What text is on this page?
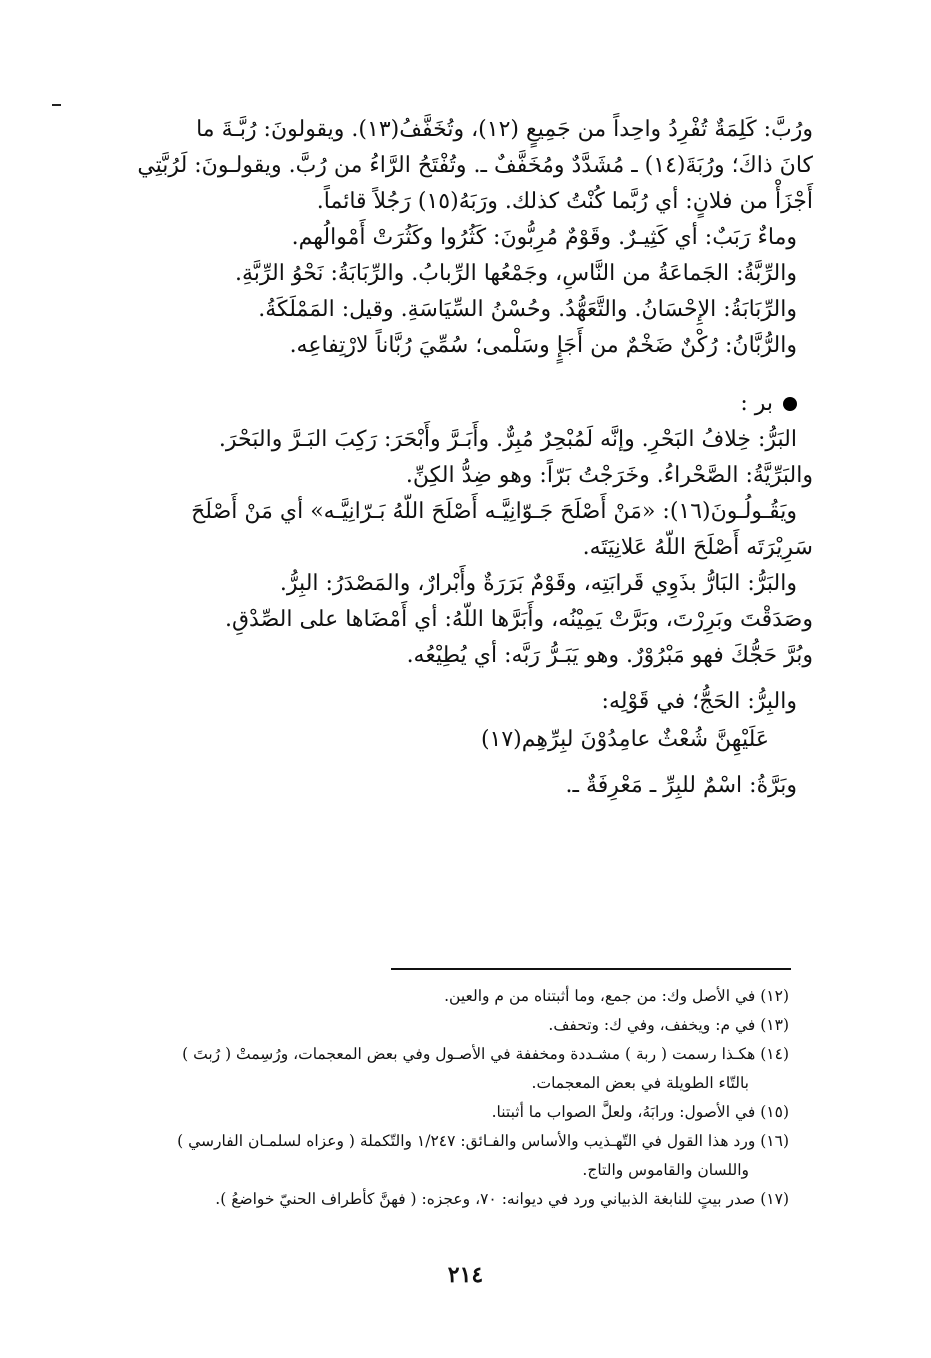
ورُبَّ: كَلِمَةٌ تُفْرِدُ واحِداً من جَمِيعٍ (١٢)، وتُخَفَّفُ(١٣). ويقولونَ: رُبَّـةَ ما

كانَ ذاكَ؛ ورُبَةَ(١٤) ـ مُشَدَّدٌ ومُخَفَّفٌ ـ. وتُفْتَحُ الرَّاءُ من رُبَّ. ويقولـونَ: لَرُبَّتِي

أَجْزَأْ من فلانٍ: أي رُبَّما كُنْتُ كذلك. ورَبَهُ(١٥) رَجُلاً قائماً.

وماءٌ رَبَبٌ: أي كَثِيـرٌ. وقَوْمٌ مُرِبُّونَ: كَثُرُوا وكَثُرَتْ أَمْوالُهم.

والرِّبَّةُ: الجَماعَةُ من النَّاسِ، وجَمْعُها الرِّبابُ. والرِّبَابَةُ: نَحْوُ الرِّبَّةِ.

والرِّبَابَةُ: الإِحْسَانُ. والتَّعَهُّدُ. وحُسْنُ السِّيَاسَةِ. وقيل: المَمْلَكَةُ.

والرُّبَّانُ: رُكْنٌ ضَخْمٌ من أَجَإٍ وسَلْمى؛ سُمِّيَ رُبَّاناً لارْتِفاعِه.

بر :

البَرُّ: خِلافُ البَحْرِ. وإنَّه لَمُبْحِرٌ مُبِرٌّ. وأَبَـرَّ وأَبْحَرَ: رَكِبَ البَـرَّ والبَحْرَ.

والبَرِّيَّةُ: الصَّحْراءُ. وخَرَجْتُ بَرّاً: وهو ضِدُّ الكِنِّ.

ويَقُـولُـونَ(١٦): «مَنْ أَصْلَحَ جَـوّانِيَّـه أَصْلَحَ اللّهُ بَـرّانِيَّـه» أي مَنْ أَصْلَحَ

سَرِيْرَتَه أَصْلَحَ اللّهُ عَلانِيَتَه.

والبَرُّ: البَارُّ بذَوِي قَرابَتِه، وقَوْمٌ بَرَرَةٌ وأَبْرارٌ، والمَصْدَرُ: البِرُّ.

وصَدَقْتَ وبَرِرْتَ، وبَرَّتْ يَمِيْنُه، وأَبَرَّها اللّهُ: أي أَمْضَاها على الصِّدْقِ.

وبُرَّ حَجُّكَ فهو مَبْرُوْرٌ. وهو يَبَـرُّ رَبَّه: أي يُطِيْعُه.

والبِرُّ: الحَجُّ؛ في قَوْلِه:

عَلَيْهِنَّ شُعْثٌ عامِدُوْنَ لبِرِّهِم(١٧)

وبَرَّةُ: اسْمٌ للبِرِّ ـ مَعْرِفَةٌ ـ.

(١٢) في الأصل وك: من جمع، وما أثبتناه من م والعين.

(١٣) في م: ويخفف، وفي ك: وتحفف.

(١٤) هكـذا رسمت ( ربة ) مشـددة ومخففة في الأصـول وفي بعض المعجمات، ورُسِمتْ ( رُبتَ )

بالتّاء الطويلة في بعض المعجمات.

(١٥) في الأصول: ورابَهُ، ولعلَّ الصواب ما أثبتنا.

(١٦) ورد هذا القول في التّهـذيب والأساس والفـائق: ١/٢٤٧ والتّكملة ( وعزاه لسلمـان الفارسي )

واللسان والقاموس والتاج.

(١٧) صدر بيتٍ للنابغة الذبياني ورد في ديوانه: ٧٠، وعجزه: ( فهنَّ كأطراف الحنيّ خواضعُ ).

٢١٤
